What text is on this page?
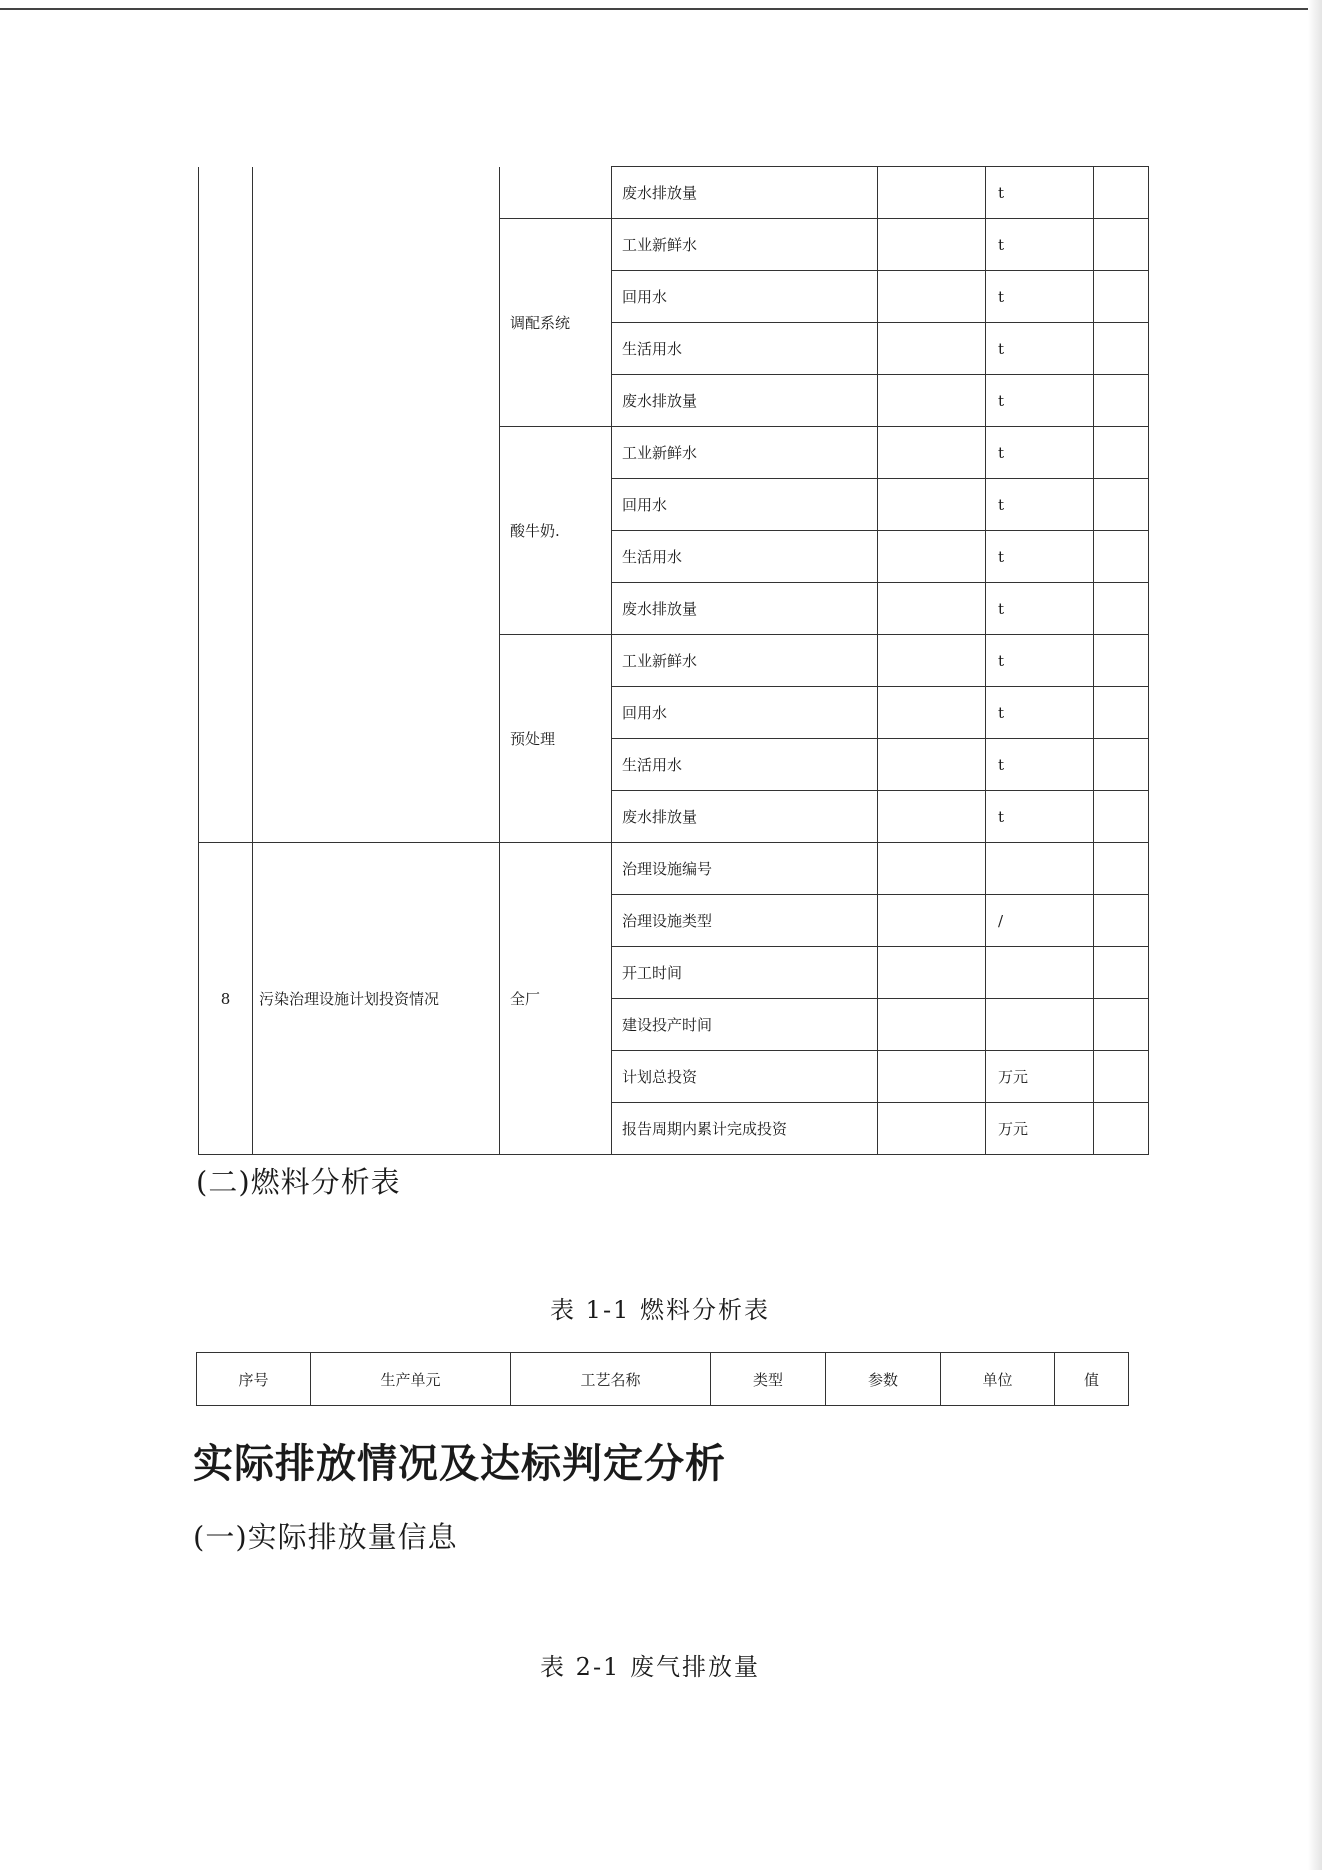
			废水排放量		t	
		调配系统	工业新鲜水		t	
			回用水		t	
			生活用水		t	
			废水排放量		t	
		酸牛奶.	工业新鲜水		t	
			回用水		t	
			生活用水		t	
			废水排放量		t	
		预处理	工业新鲜水		t	
			回用水		t	
			生活用水		t	
			废水排放量		t	
8	污染治理设施计划投资情况	全厂	治理设施编号			
			治理设施类型		/	
			开工时间			
			建设投产时间			
			计划总投资		万元	
			报告周期内累计完成投资		万元	
(二)燃料分析表
表 1-1 燃料分析表
序号	生产单元	工艺名称	类型	参数	单位	值
实际排放情况及达标判定分析
(一)实际排放量信息
表 2-1 废气排放量
